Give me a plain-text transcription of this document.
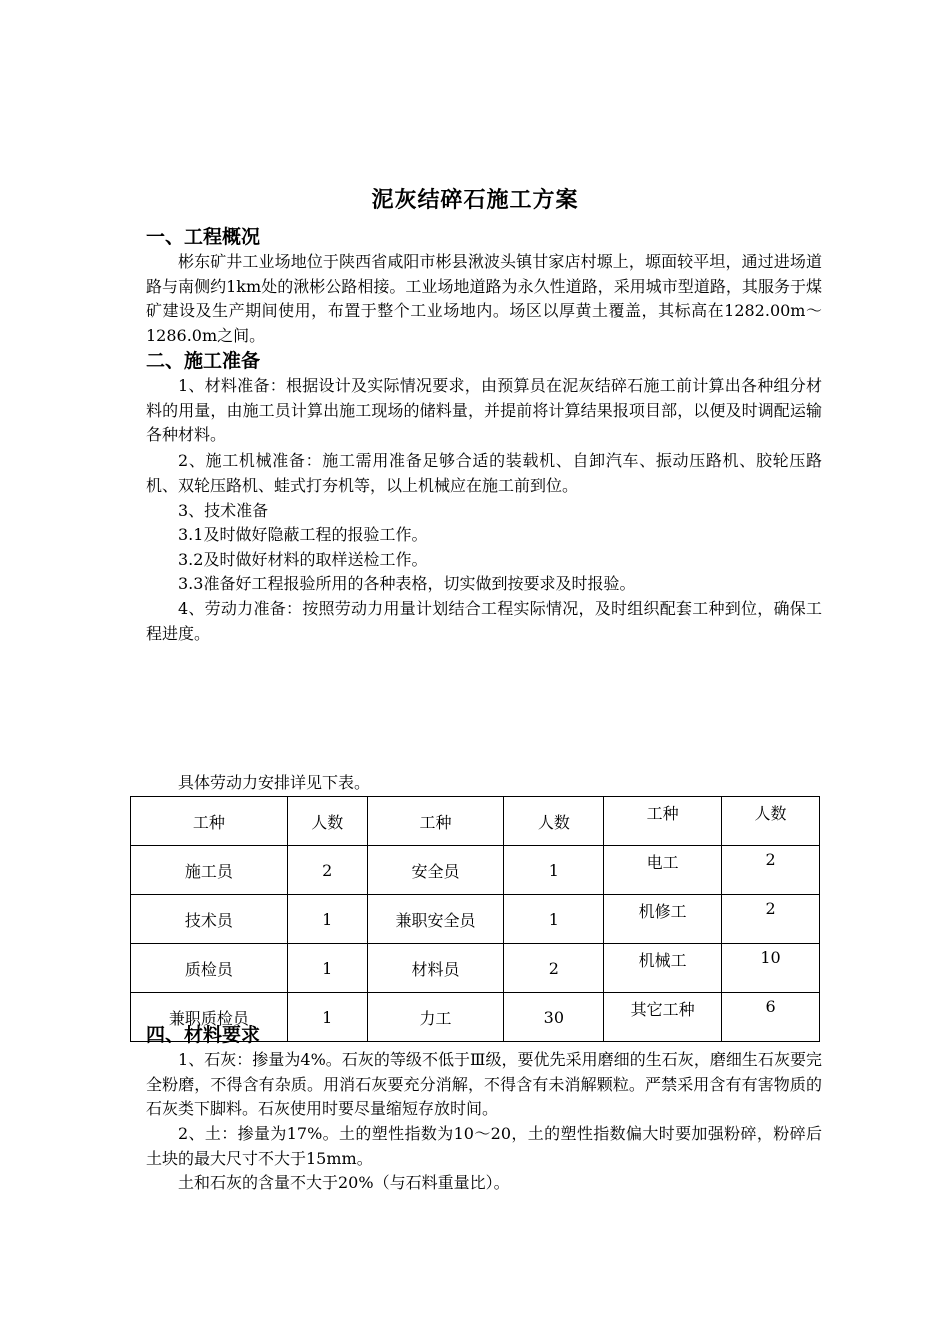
泥灰结碎石施工方案
一、工程概况
彬东矿井工业场地位于陕西省咸阳市彬县湫波头镇甘家店村塬上，塬面较平坦，通过进场道路与南侧约1km处的湫彬公路相接。工业场地道路为永久性道路，采用城市型道路，其服务于煤矿建设及生产期间使用，布置于整个工业场地内。场区以厚黄土覆盖，其标高在1282.00m～1286.0m之间。
二、施工准备
1、材料准备：根据设计及实际情况要求，由预算员在泥灰结碎石施工前计算出各种组分材料的用量，由施工员计算出施工现场的储料量，并提前将计算结果报项目部，以便及时调配运输各种材料。
2、施工机械准备：施工需用准备足够合适的装载机、自卸汽车、振动压路机、胶轮压路机、双轮压路机、蛙式打夯机等，以上机械应在施工前到位。
3、技术准备
3.1及时做好隐蔽工程的报验工作。
3.2及时做好材料的取样送检工作。
3.3准备好工程报验所用的各种表格，切实做到按要求及时报验。
4、劳动力准备：按照劳动力用量计划结合工程实际情况，及时组织配套工种到位，确保工程进度。
具体劳动力安排详见下表。
工种	人数	工种	人数	工种	人数
施工员	2	安全员	1	电工	2
技术员	1	兼职安全员	1	机修工	2
质检员	1	材料员	2	机械工	10
兼职质检员	1	力工	30	其它工种	6
四、材料要求
1、石灰：掺量为4%。石灰的等级不低于Ⅲ级，要优先采用磨细的生石灰，磨细生石灰要完全粉磨，不得含有杂质。用消石灰要充分消解，不得含有未消解颗粒。严禁采用含有有害物质的石灰类下脚料。石灰使用时要尽量缩短存放时间。
2、土：掺量为17%。土的塑性指数为10～20，土的塑性指数偏大时要加强粉碎，粉碎后土块的最大尺寸不大于15mm。
土和石灰的含量不大于20%（与石料重量比）。
